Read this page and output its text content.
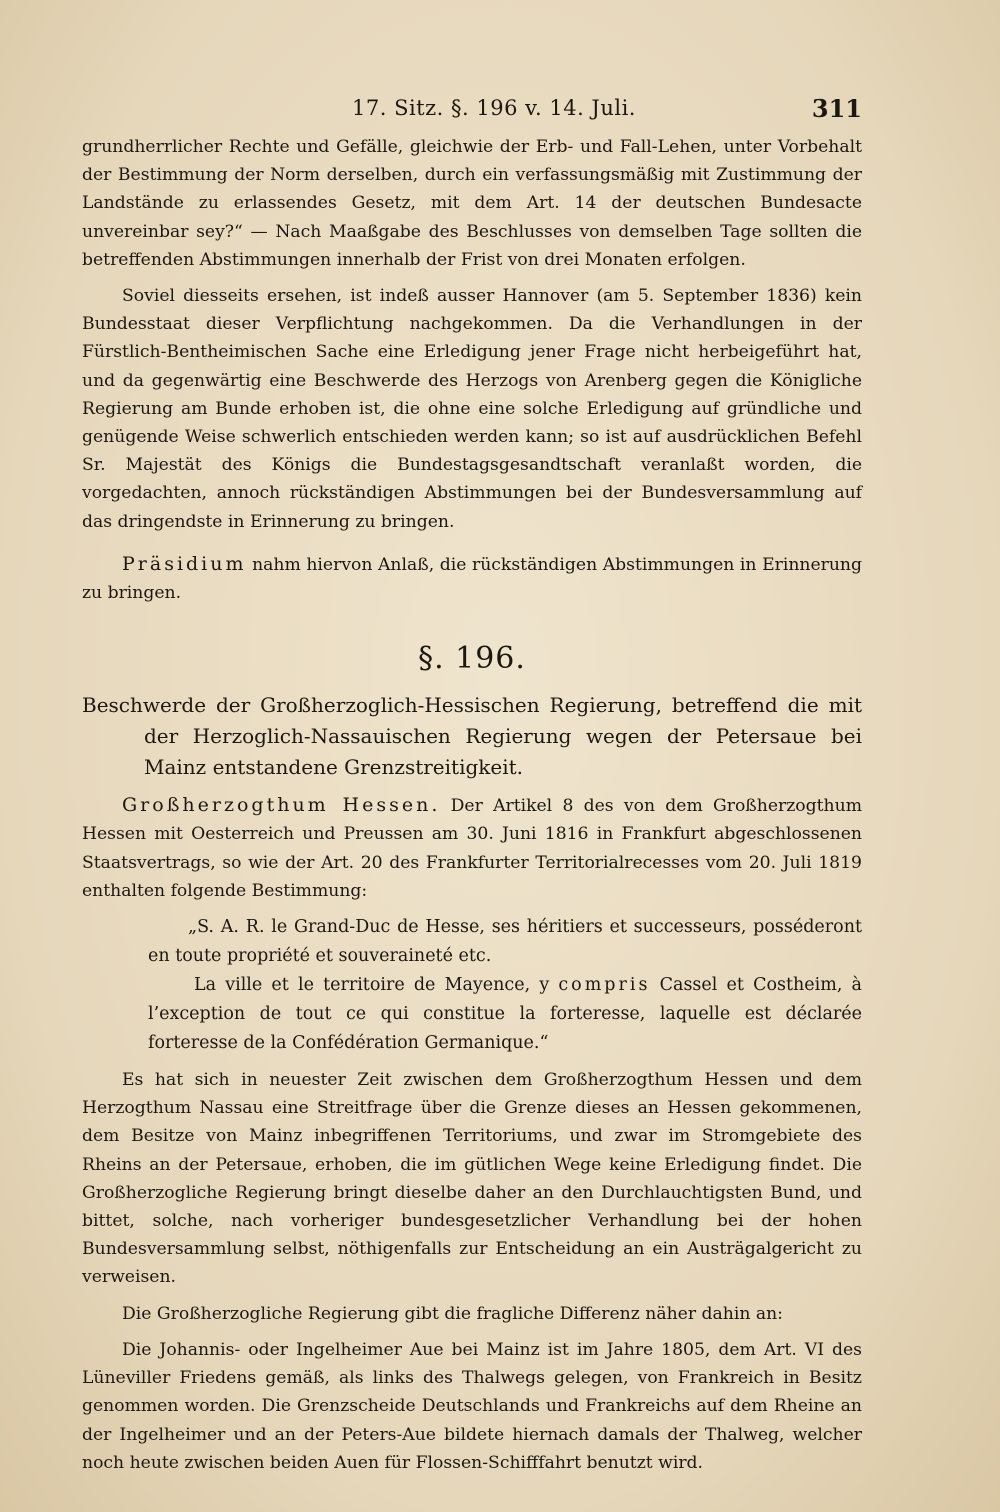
17. Sitz. §. 196 v. 14. Juli.	311

grundherrlicher Rechte und Gefälle, gleichwie der Erb- und Fall-Lehen, unter Vorbehalt der Bestimmung der Norm derselben, durch ein verfassungsmäßig mit Zustimmung der Landstände zu erlassendes Gesetz, mit dem Art. 14 der deutschen Bundesacte unvereinbar sey?“ — Nach Maaßgabe des Beschlusses von demselben Tage sollten die betreffenden Abstimmungen innerhalb der Frist von drei Monaten erfolgen.

Soviel diesseits ersehen, ist indeß ausser Hannover (am 5. September 1836) kein Bundesstaat dieser Verpflichtung nachgekommen. Da die Verhandlungen in der Fürstlich-Bentheimischen Sache eine Erledigung jener Frage nicht herbeigeführt hat, und da gegenwärtig eine Beschwerde des Herzogs von Arenberg gegen die Königliche Regierung am Bunde erhoben ist, die ohne eine solche Erledigung auf gründliche und genügende Weise schwerlich entschieden werden kann; so ist auf ausdrücklichen Befehl Sr. Majestät des Königs die Bundestagsgesandtschaft veranlaßt worden, die vorgedachten, annoch rückständigen Abstimmungen bei der Bundesversammlung auf das dringendste in Erinnerung zu bringen.

Präsidium nahm hiervon Anlaß, die rückständigen Abstimmungen in Erinnerung zu bringen.

§. 196.
Beschwerde der Großherzoglich-Hessischen Regierung, betreffend die mit der Herzoglich-Nassauischen Regierung wegen der Petersaue bei Mainz entstandene Grenzstreitigkeit.

Großherzogthum Hessen. Der Artikel 8 des von dem Großherzogthum Hessen mit Oesterreich und Preussen am 30. Juni 1816 in Frankfurt abgeschlossenen Staatsvertrags, so wie der Art. 20 des Frankfurter Territorialrecesses vom 20. Juli 1819 enthalten folgende Bestimmung:

„S. A. R. le Grand-Duc de Hesse, ses héritiers et successeurs, posséderont en toute propriété et souveraineté etc.

La ville et le territoire de Mayence, y compris Cassel et Costheim, à l’exception de tout ce qui constitue la forteresse, laquelle est déclarée forteresse de la Confédération Germanique.“

Es hat sich in neuester Zeit zwischen dem Großherzogthum Hessen und dem Herzogthum Nassau eine Streitfrage über die Grenze dieses an Hessen gekommenen, dem Besitze von Mainz inbegriffenen Territoriums, und zwar im Stromgebiete des Rheins an der Petersaue, erhoben, die im gütlichen Wege keine Erledigung findet. Die Großherzogliche Regierung bringt dieselbe daher an den Durchlauchtigsten Bund, und bittet, solche, nach vorheriger bundesgesetzlicher Verhandlung bei der hohen Bundesversammlung selbst, nöthigenfalls zur Entscheidung an ein Austrägalgericht zu verweisen.

Die Großherzogliche Regierung gibt die fragliche Differenz näher dahin an:

Die Johannis- oder Ingelheimer Aue bei Mainz ist im Jahre 1805, dem Art. VI des Lüneviller Friedens gemäß, als links des Thalwegs gelegen, von Frankreich in Besitz genommen worden. Die Grenzscheide Deutschlands und Frankreichs auf dem Rheine an der Ingelheimer und an der Peters-Aue bildete hiernach damals der Thalweg, welcher noch heute zwischen beiden Auen für Flossen-Schifffahrt benutzt wird.
